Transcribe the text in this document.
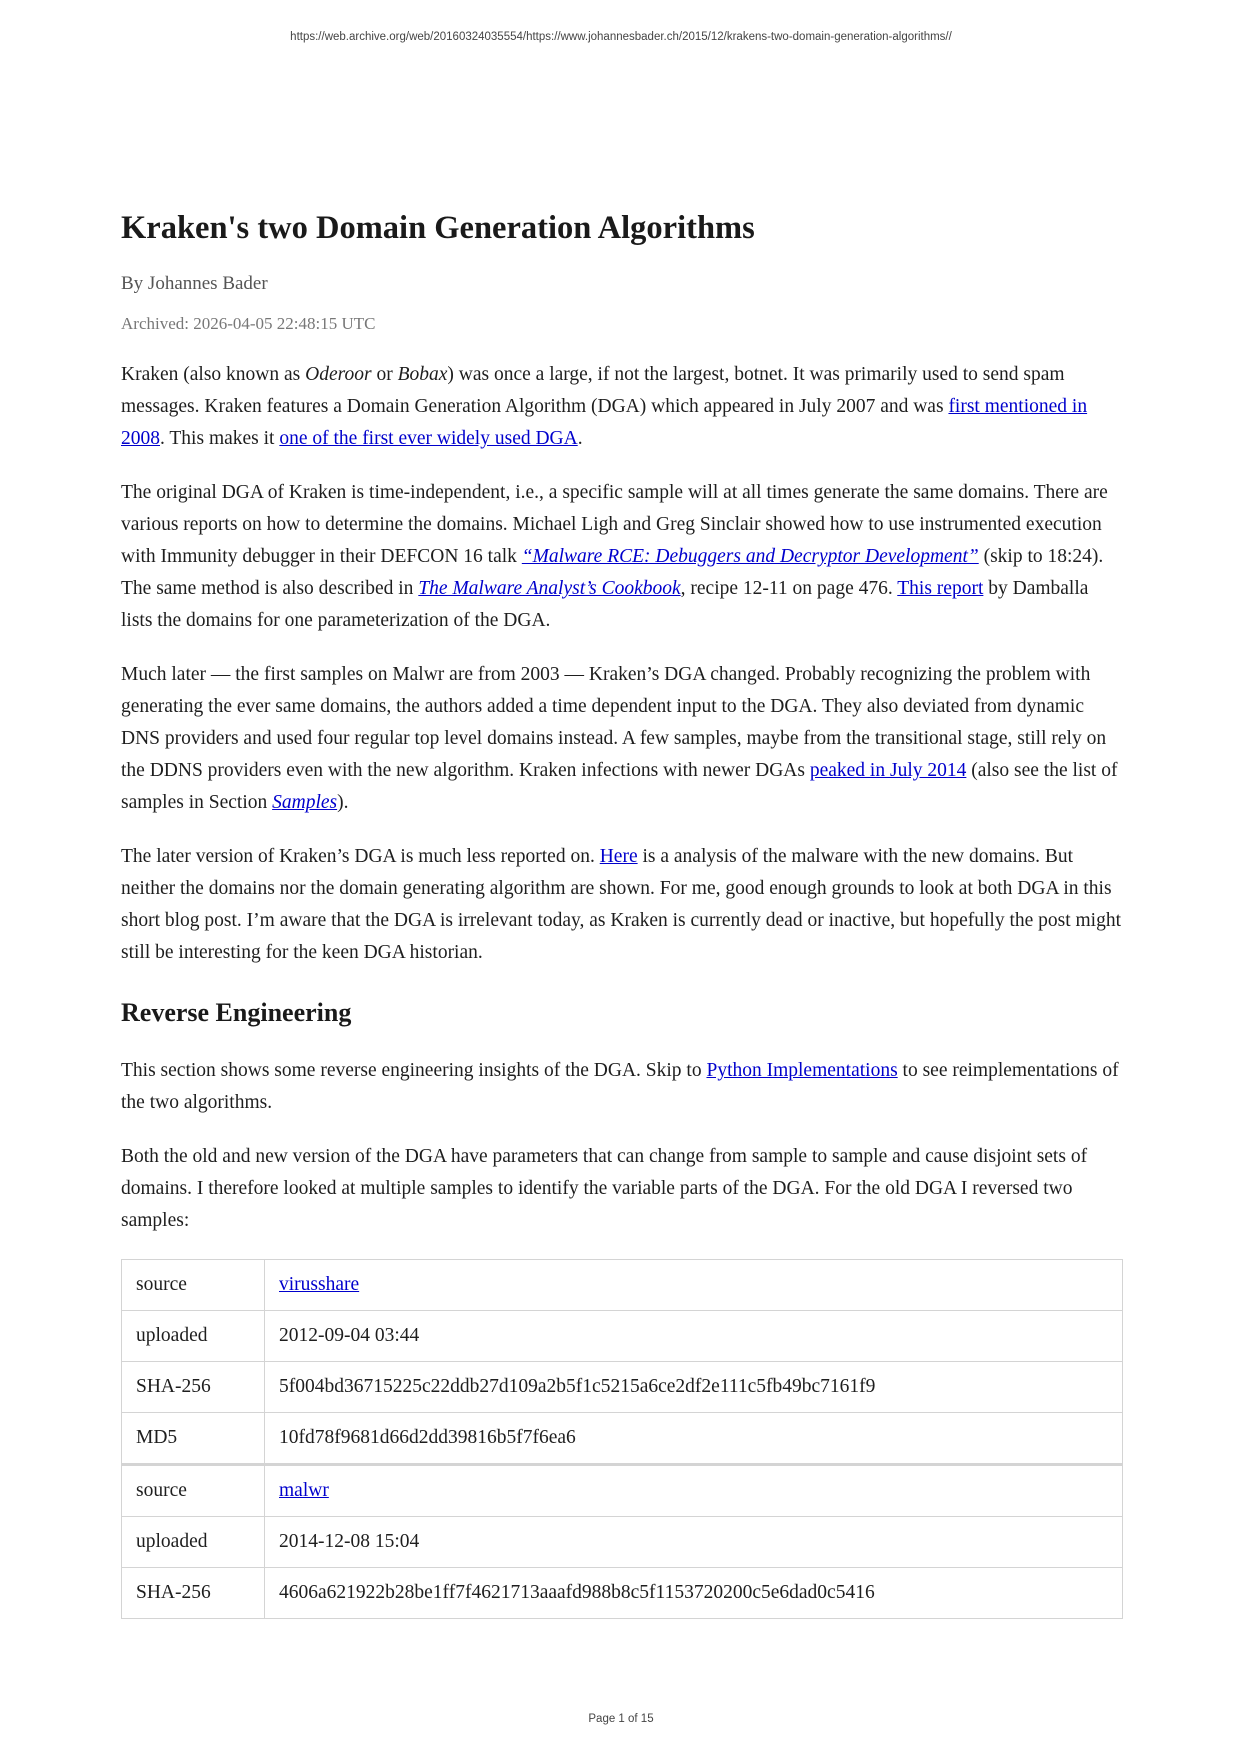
https://web.archive.org/web/20160324035554/https://www.johannesbader.ch/2015/12/krakens-two-domain-generation-algorithms//
Kraken's two Domain Generation Algorithms
By Johannes Bader
Archived: 2026-04-05 22:48:15 UTC

Kraken (also known as Oderoor or Bobax) was once a large, if not the largest, botnet. It was primarily used to send spam messages. Kraken features a Domain Generation Algorithm (DGA) which appeared in July 2007 and was first mentioned in 2008. This makes it one of the first ever widely used DGA.

The original DGA of Kraken is time-independent, i.e., a specific sample will at all times generate the same domains. There are various reports on how to determine the domains. Michael Ligh and Greg Sinclair showed how to use instrumented execution with Immunity debugger in their DEFCON 16 talk “Malware RCE: Debuggers and Decryptor Development” (skip to 18:24). The same method is also described in The Malware Analyst’s Cookbook, recipe 12-11 on page 476. This report by Damballa lists the domains for one parameterization of the DGA.

Much later — the first samples on Malwr are from 2003 — Kraken’s DGA changed. Probably recognizing the problem with generating the ever same domains, the authors added a time dependent input to the DGA. They also deviated from dynamic DNS providers and used four regular top level domains instead. A few samples, maybe from the transitional stage, still rely on the DDNS providers even with the new algorithm. Kraken infections with newer DGAs peaked in July 2014 (also see the list of samples in Section Samples).

The later version of Kraken’s DGA is much less reported on. Here is a analysis of the malware with the new domains. But neither the domains nor the domain generating algorithm are shown. For me, good enough grounds to look at both DGA in this short blog post. I’m aware that the DGA is irrelevant today, as Kraken is currently dead or inactive, but hopefully the post might still be interesting for the keen DGA historian.

Reverse Engineering

This section shows some reverse engineering insights of the DGA. Skip to Python Implementations to see reimplementations of the two algorithms.

Both the old and new version of the DGA have parameters that can change from sample to sample and cause disjoint sets of domains. I therefore looked at multiple samples to identify the variable parts of the DGA. For the old DGA I reversed two samples:

source	virusshare
uploaded	2012-09-04 03:44
SHA-256	5f004bd36715225c22ddb27d109a2b5f1c5215a6ce2df2e111c5fb49bc7161f9
MD5	10fd78f9681d66d2dd39816b5f7f6ea6
source	malwr
uploaded	2014-12-08 15:04
SHA-256	4606a621922b28be1ff7f4621713aaafd988b8c5f1153720200c5e6dad0c5416
Page 1 of 15
